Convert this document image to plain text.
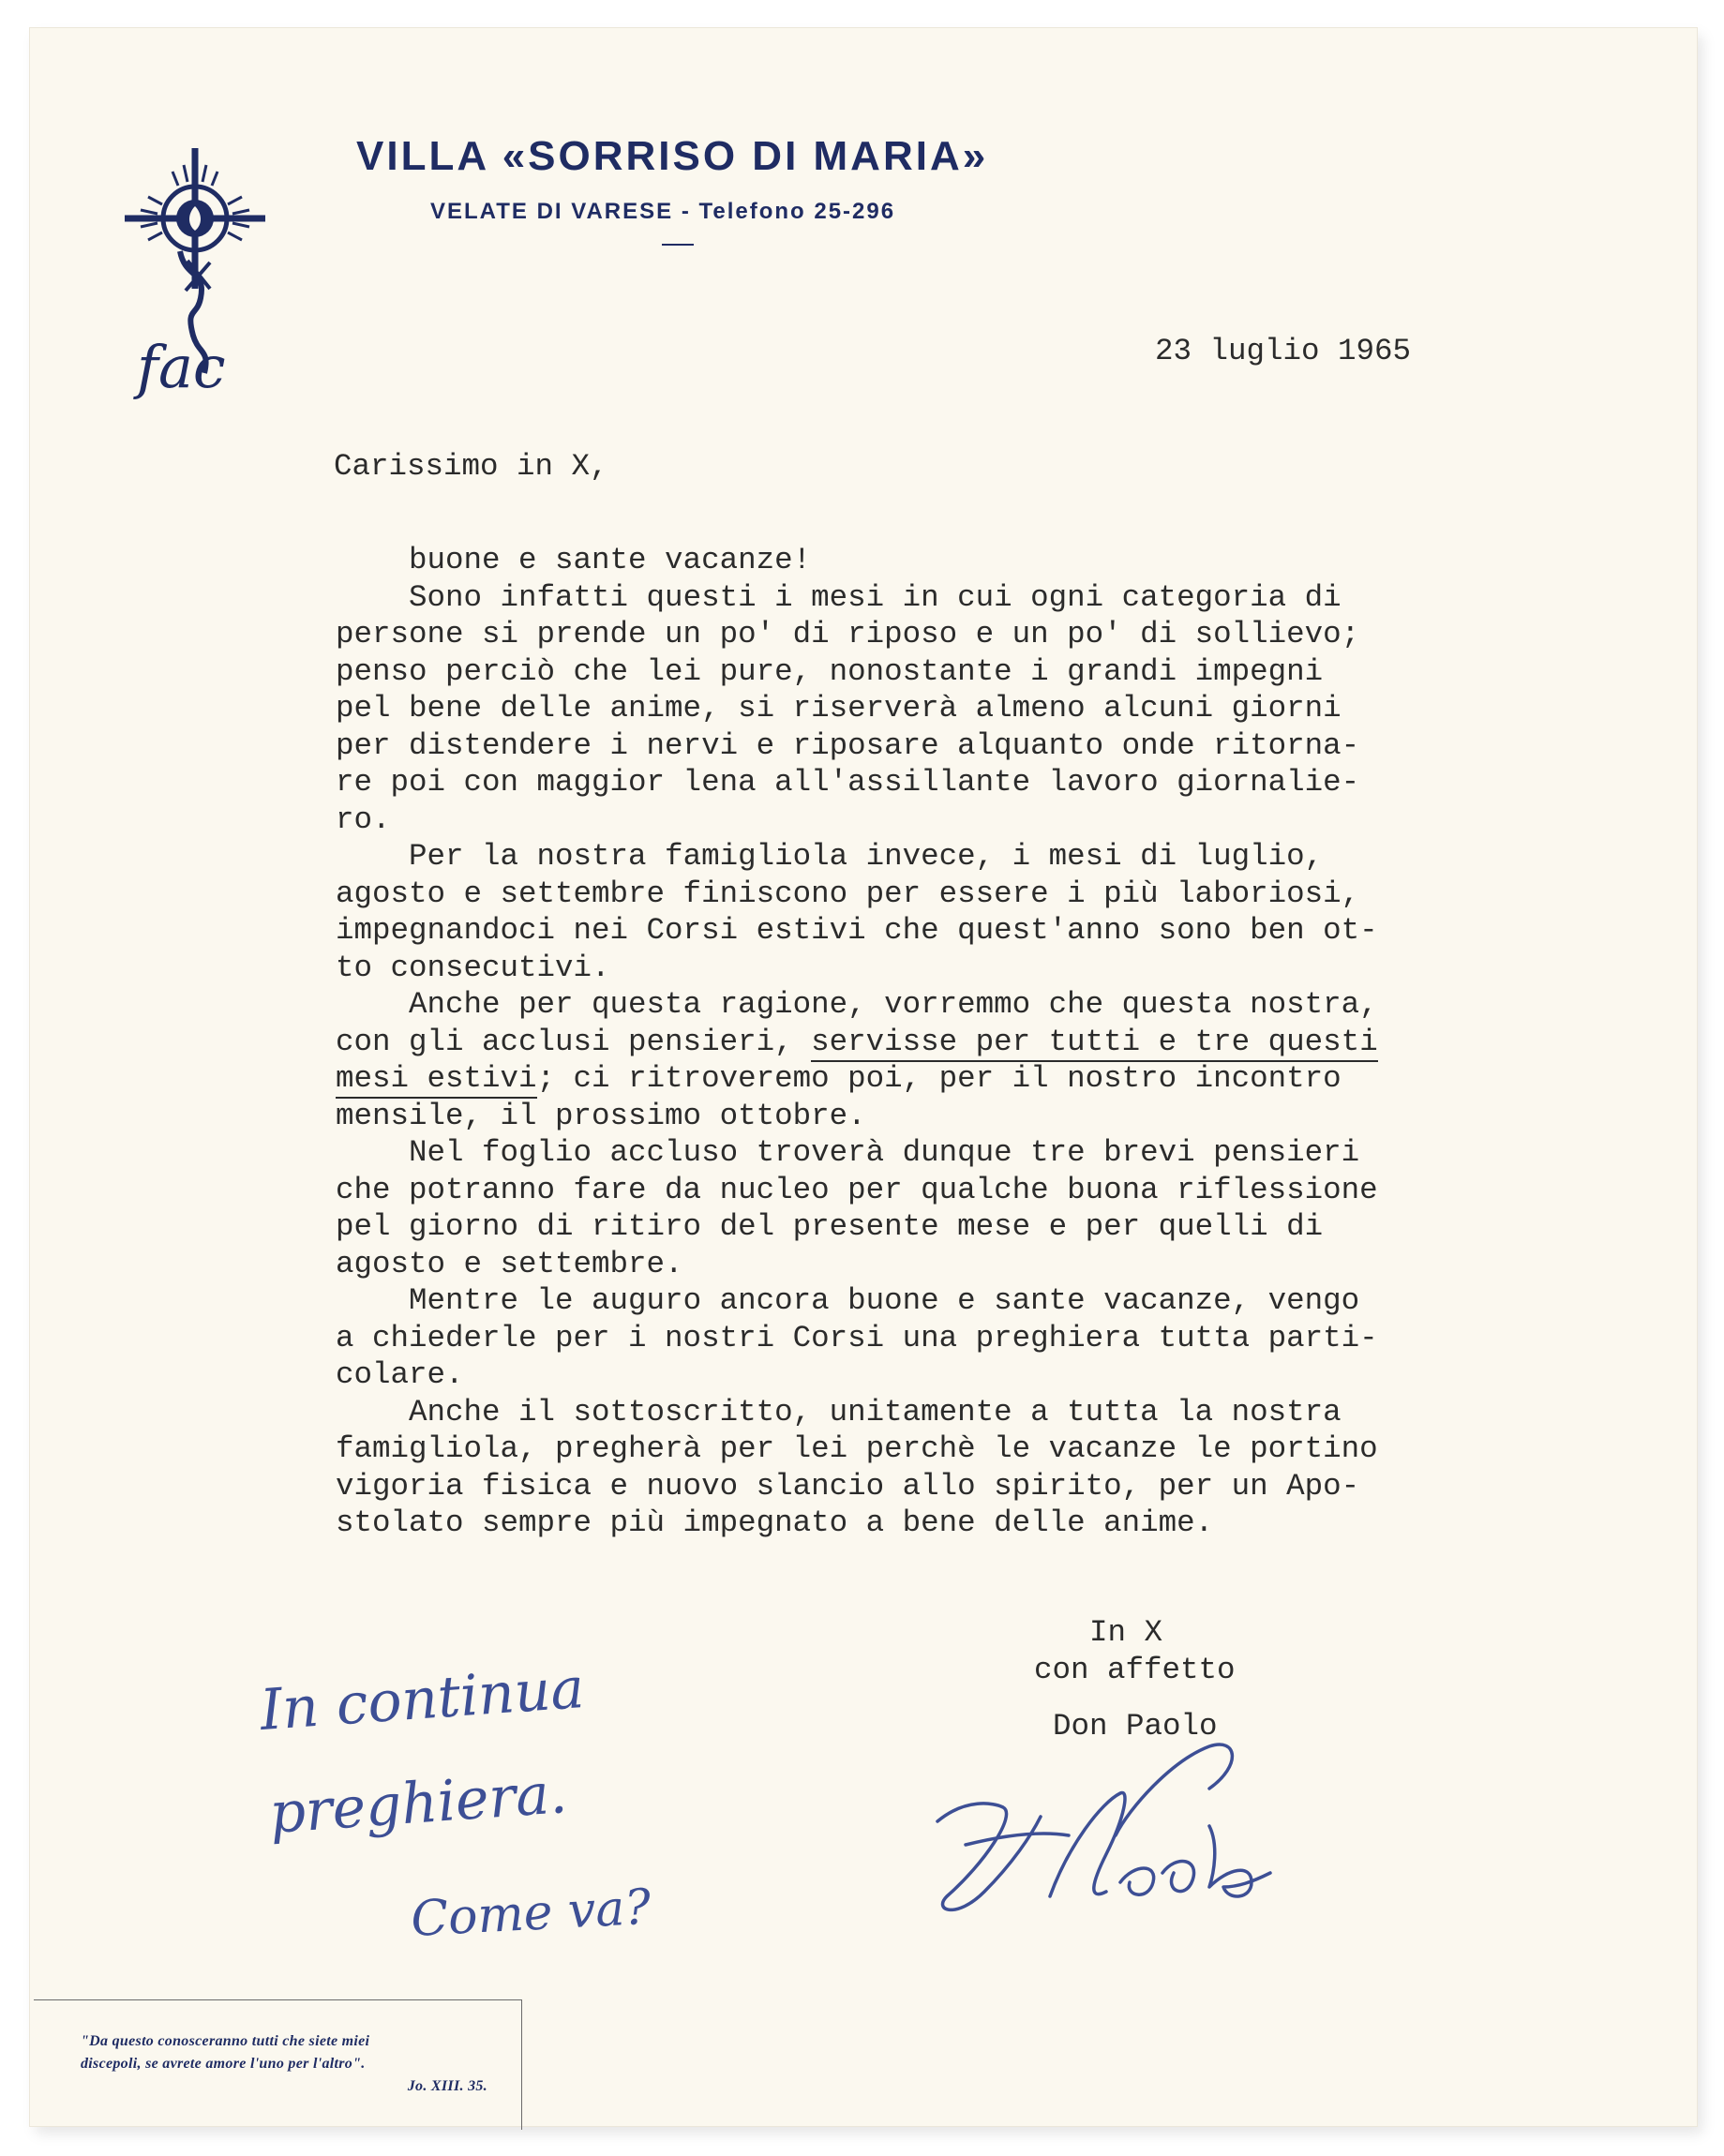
fac
VILLA «SORRISO DI MARIA»
VELATE DI VARESE - Telefono 25-296
23 luglio 1965
Carissimo in X,
buone e sante vacanze!
Sono infatti questi i mesi in cui ogni categoria di
persone si prende un po' di riposo e un po' di sollievo;
penso perciò che lei pure, nonostante i grandi impegni
pel bene delle anime, si riserverà almeno alcuni giorni
per distendere i nervi e riposare alquanto onde ritorna-
re poi con maggior lena all'assillante lavoro giornalie-
ro.
Per la nostra famigliola invece, i mesi di luglio,
agosto e settembre finiscono per essere i più laboriosi,
impegnandoci nei Corsi estivi che quest'anno sono ben ot-
to consecutivi.
Anche per questa ragione, vorremmo che questa nostra,
con gli acclusi pensieri, servisse per tutti e tre questi
mesi estivi; ci ritroveremo poi, per il nostro incontro
mensile, il prossimo ottobre.
Nel foglio accluso troverà dunque tre brevi pensieri
che potranno fare da nucleo per qualche buona riflessione
pel giorno di ritiro del presente mese e per quelli di
agosto e settembre.
Mentre le auguro ancora buone e sante vacanze, vengo
a chiederle per i nostri Corsi una preghiera tutta parti-
colare.
Anche il sottoscritto, unitamente a tutta la nostra
famigliola, pregherà per lei perchè le vacanze le portino
vigoria fisica e nuovo slancio allo spirito, per un Apo-
stolato sempre più impegnato a bene delle anime.
In X
con affetto
Don Paolo
In continua
preghiera.
Come va?
"Da questo conosceranno tutti che siete miei
discepoli, se avrete amore l'uno per l'altro".
Jo. XIII. 35.
